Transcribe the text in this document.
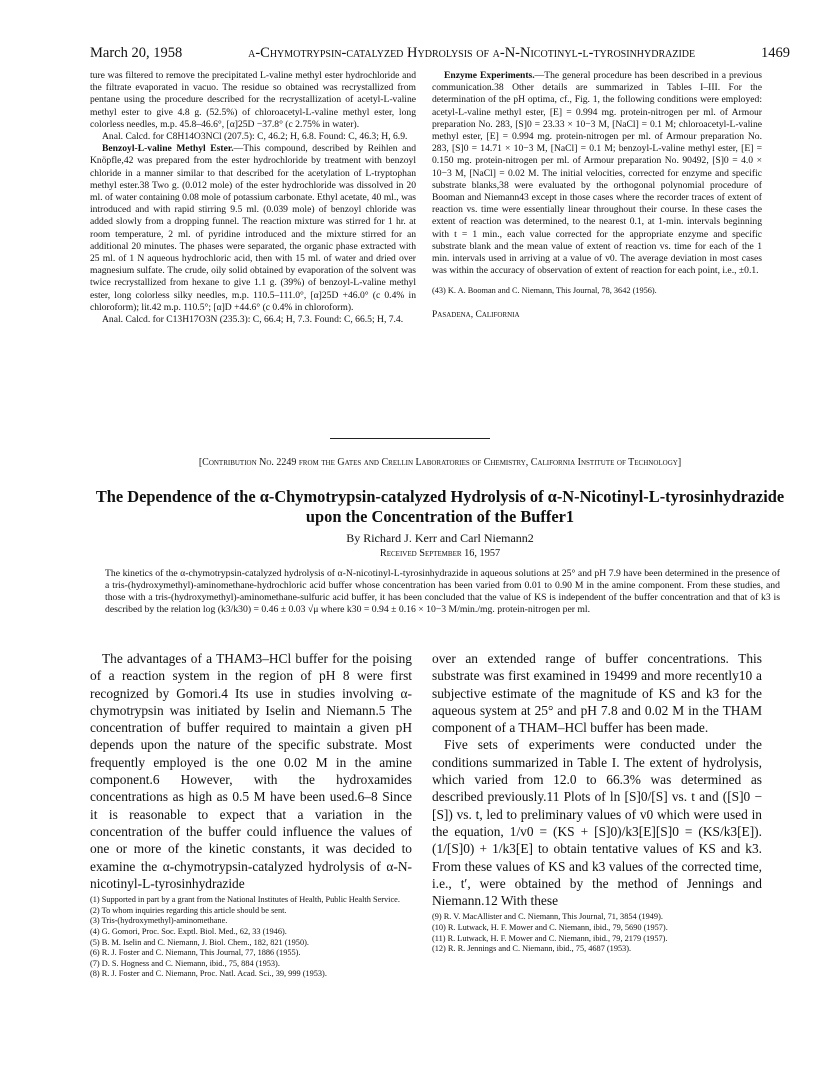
March 20, 1958	α-Chymotrypsin-catalyzed Hydrolysis of α-N-Nicotinyl-l-tyrosinhydrazide	1469

ture was filtered to remove the precipitated L-valine methyl ester hydrochloride and the filtrate evaporated in vacuo. The residue so obtained was recrystallized from pentane using the procedure described for the recrystallization of acetyl-L-valine methyl ester to give 4.8 g. (52.5%) of chloroacetyl-L-valine methyl ester, long colorless needles, m.p. 45.8–46.6°, [α]25D −37.8° (c 2.75% in water).

Anal. Calcd. for C8H14O3NCl (207.5): C, 46.2; H, 6.8. Found: C, 46.3; H, 6.9.

Benzoyl-L-valine Methyl Ester.—This compound, described by Reihlen and Knöpfle,42 was prepared from the ester hydrochloride by treatment with benzoyl chloride in a manner similar to that described for the acetylation of L-tryptophan methyl ester.38 Two g. (0.012 mole) of the ester hydrochloride was dissolved in 20 ml. of water containing 0.08 mole of potassium carbonate. Ethyl acetate, 40 ml., was introduced and with rapid stirring 9.5 ml. (0.039 mole) of benzoyl chloride was added slowly from a dropping funnel. The reaction mixture was stirred for 1 hr. at room temperature, 2 ml. of pyridine introduced and the mixture stirred for an additional 20 minutes. The phases were separated, the organic phase extracted with 25 ml. of 1 N aqueous hydrochloric acid, then with 15 ml. of water and dried over magnesium sulfate. The crude, oily solid obtained by evaporation of the solvent was twice recrystallized from hexane to give 1.1 g. (39%) of benzoyl-L-valine methyl ester, long colorless silky needles, m.p. 110.5–111.0°, [α]25D +46.0° (c 0.4% in chloroform); lit.42 m.p. 110.5°; [α]D +44.6° (c 0.4% in chloroform).

Anal. Calcd. for C13H17O3N (235.3): C, 66.4; H, 7.3. Found: C, 66.5; H, 7.4.

Enzyme Experiments.—The general procedure has been described in a previous communication.38 Other details are summarized in Tables I–III. For the determination of the pH optima, cf., Fig. 1, the following conditions were employed: acetyl-L-valine methyl ester, [E] = 0.994 mg. protein-nitrogen per ml. of Armour preparation No. 283, [S]0 = 23.33 × 10−3 M, [NaCl] = 0.1 M; chloroacetyl-L-valine methyl ester, [E] = 0.994 mg. protein-nitrogen per ml. of Armour preparation No. 283, [S]0 = 14.71 × 10−3 M, [NaCl] = 0.1 M; benzoyl-L-valine methyl ester, [E] = 0.150 mg. protein-nitrogen per ml. of Armour preparation No. 90492, [S]0 = 4.0 × 10−3 M, [NaCl] = 0.02 M. The initial velocities, corrected for enzyme and specific substrate blanks,38 were evaluated by the orthogonal polynomial procedure of Booman and Niemann43 except in those cases where the recorder traces of extent of reaction vs. time were essentially linear throughout their course. In these cases the extent of reaction was determined, to the nearest 0.1, at 1-min. intervals beginning with t = 1 min., each value corrected for the appropriate enzyme and specific substrate blank and the mean value of extent of reaction vs. time for each of the 1 min. intervals used in arriving at a value of v0. The average deviation in most cases was within the accuracy of observation of extent of reaction for each point, i.e., ±0.1.

(43) K. A. Booman and C. Niemann, This Journal, 78, 3642 (1956).

Pasadena, California

[Contribution No. 2249 from the Gates and Crellin Laboratories of Chemistry, California Institute of Technology]
The Dependence of the α-Chymotrypsin-catalyzed Hydrolysis of α-N-Nicotinyl-L-tyrosinhydrazide upon the Concentration of the Buffer1
By Richard J. Kerr and Carl Niemann2
Received September 16, 1957
The kinetics of the α-chymotrypsin-catalyzed hydrolysis of α-N-nicotinyl-L-tyrosinhydrazide in aqueous solutions at 25° and pH 7.9 have been determined in the presence of a tris-(hydroxymethyl)-aminomethane-hydrochloric acid buffer whose concentration has been varied from 0.01 to 0.90 M in the amine component. From these studies, and those with a tris-(hydroxymethyl)-aminomethane-sulfuric acid buffer, it has been concluded that the value of KS is independent of the buffer concentration and that of k3 is described by the relation log (k3/k30) = 0.46 ± 0.03 √μ where k30 = 0.94 ± 0.16 × 10−3 M/min./mg. protein-nitrogen per ml.

The advantages of a THAM3–HCl buffer for the poising of a reaction system in the region of pH 8 were first recognized by Gomori.4 Its use in studies involving α-chymotrypsin was initiated by Iselin and Niemann.5 The concentration of buffer required to maintain a given pH depends upon the nature of the specific substrate. Most frequently employed is the one 0.02 M in the amine component.6 However, with the hydroxamides concentrations as high as 0.5 M have been used.6–8 Since it is reasonable to expect that a variation in the concentration of the buffer could influence the values of one or more of the kinetic constants, it was decided to examine the α-chymotrypsin-catalyzed hydrolysis of α-N-nicotinyl-L-tyrosinhydrazide

(1) Supported in part by a grant from the National Institutes of Health, Public Health Service.
(2) To whom inquiries regarding this article should be sent.
(3) Tris-(hydroxymethyl)-aminomethane.
(4) G. Gomori, Proc. Soc. Exptl. Biol. Med., 62, 33 (1946).
(5) B. M. Iselin and C. Niemann, J. Biol. Chem., 182, 821 (1950).
(6) R. J. Foster and C. Niemann, This Journal, 77, 1886 (1955).
(7) D. S. Hogness and C. Niemann, ibid., 75, 884 (1953).
(8) R. J. Foster and C. Niemann, Proc. Natl. Acad. Sci., 39, 999 (1953).

over an extended range of buffer concentrations. This substrate was first examined in 19499 and more recently10 a subjective estimate of the magnitude of KS and k3 for the aqueous system at 25° and pH 7.8 and 0.02 M in the THAM component of a THAM–HCl buffer has been made.

Five sets of experiments were conducted under the conditions summarized in Table I. The extent of hydrolysis, which varied from 12.0 to 66.3% was determined as described previously.11 Plots of ln [S]0/[S] vs. t and ([S]0 − [S]) vs. t, led to preliminary values of v0 which were used in the equation, 1/v0 = (KS + [S]0)/k3[E][S]0 = (KS/k3[E]). (1/[S]0) + 1/k3[E] to obtain tentative values of KS and k3. From these values of KS and k3 values of the corrected time, i.e., t′, were obtained by the method of Jennings and Niemann.12 With these

(9) R. V. MacAllister and C. Niemann, This Journal, 71, 3854 (1949).
(10) R. Lutwack, H. F. Mower and C. Niemann, ibid., 79, 5690 (1957).
(11) R. Lutwack, H. F. Mower and C. Niemann, ibid., 79, 2179 (1957).
(12) R. R. Jennings and C. Niemann, ibid., 75, 4687 (1953).
